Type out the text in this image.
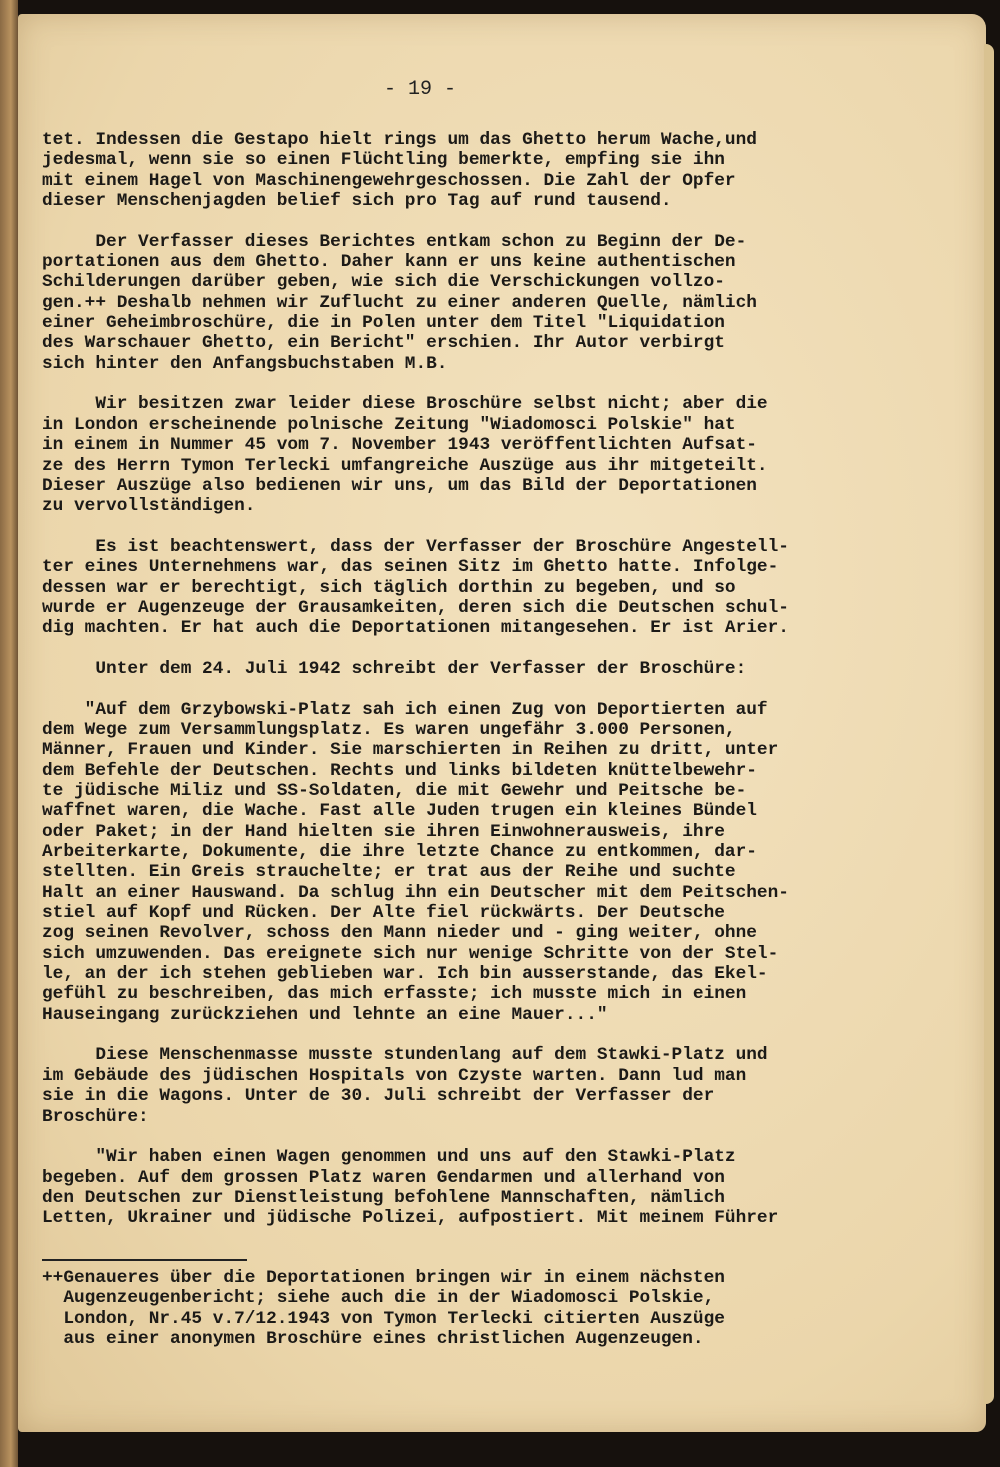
- 19 -
tet. Indessen die Gestapo hielt rings um das Ghetto herum Wache,und
jedesmal, wenn sie so einen Flüchtling bemerkte, empfing sie ihn
mit einem Hagel von Maschinengewehrgeschossen. Die Zahl der Opfer
dieser Menschenjagden belief sich pro Tag auf rund tausend.
Der Verfasser dieses Berichtes entkam schon zu Beginn der De-
portationen aus dem Ghetto. Daher kann er uns keine authentischen
Schilderungen darüber geben, wie sich die Verschickungen vollzo-
gen.++ Deshalb nehmen wir Zuflucht zu einer anderen Quelle, nämlich
einer Geheimbroschüre, die in Polen unter dem Titel "Liquidation
des Warschauer Ghetto, ein Bericht" erschien. Ihr Autor verbirgt
sich hinter den Anfangsbuchstaben M.B.
Wir besitzen zwar leider diese Broschüre selbst nicht; aber die
in London erscheinende polnische Zeitung "Wiadomosci Polskie" hat
in einem in Nummer 45 vom 7. November 1943 veröffentlichten Aufsat-
ze des Herrn Tymon Terlecki umfangreiche Auszüge aus ihr mitgeteilt.
Dieser Auszüge also bedienen wir uns, um das Bild der Deportationen
zu vervollständigen.
Es ist beachtenswert, dass der Verfasser der Broschüre Angestell-
ter eines Unternehmens war, das seinen Sitz im Ghetto hatte. Infolge-
dessen war er berechtigt, sich täglich dorthin zu begeben, und so
wurde er Augenzeuge der Grausamkeiten, deren sich die Deutschen schul-
dig machten. Er hat auch die Deportationen mitangesehen. Er ist Arier.
Unter dem 24. Juli 1942 schreibt der Verfasser der Broschüre:
"Auf dem Grzybowski-Platz sah ich einen Zug von Deportierten auf
dem Wege zum Versammlungsplatz. Es waren ungefähr 3.000 Personen,
Männer, Frauen und Kinder. Sie marschierten in Reihen zu dritt, unter
dem Befehle der Deutschen. Rechts und links bildeten knüttelbewehr-
te jüdische Miliz und SS-Soldaten, die mit Gewehr und Peitsche be-
waffnet waren, die Wache. Fast alle Juden trugen ein kleines Bündel
oder Paket; in der Hand hielten sie ihren Einwohnerausweis, ihre
Arbeiterkarte, Dokumente, die ihre letzte Chance zu entkommen, dar-
stellten. Ein Greis strauchelte; er trat aus der Reihe und suchte
Halt an einer Hauswand. Da schlug ihn ein Deutscher mit dem Peitschen-
stiel auf Kopf und Rücken. Der Alte fiel rückwärts. Der Deutsche
zog seinen Revolver, schoss den Mann nieder und - ging weiter, ohne
sich umzuwenden. Das ereignete sich nur wenige Schritte von der Stel-
le, an der ich stehen geblieben war. Ich bin ausserstande, das Ekel-
gefühl zu beschreiben, das mich erfasste; ich musste mich in einen
Hauseingang zurückziehen und lehnte an eine Mauer..."
Diese Menschenmasse musste stundenlang auf dem Stawki-Platz und
im Gebäude des jüdischen Hospitals von Czyste warten. Dann lud man
sie in die Wagons. Unter de 30. Juli schreibt der Verfasser der
Broschüre:
"Wir haben einen Wagen genommen und uns auf den Stawki-Platz
begeben. Auf dem grossen Platz waren Gendarmen und allerhand von
den Deutschen zur Dienstleistung befohlene Mannschaften, nämlich
Letten, Ukrainer und jüdische Polizei, aufpostiert. Mit meinem Führer
++Genaueres über die Deportationen bringen wir in einem nächsten
Augenzeugenbericht; siehe auch die in der Wiadomosci Polskie,
London, Nr.45 v.7/12.1943 von Tymon Terlecki citierten Auszüge
aus einer anonymen Broschüre eines christlichen Augenzeugen.
